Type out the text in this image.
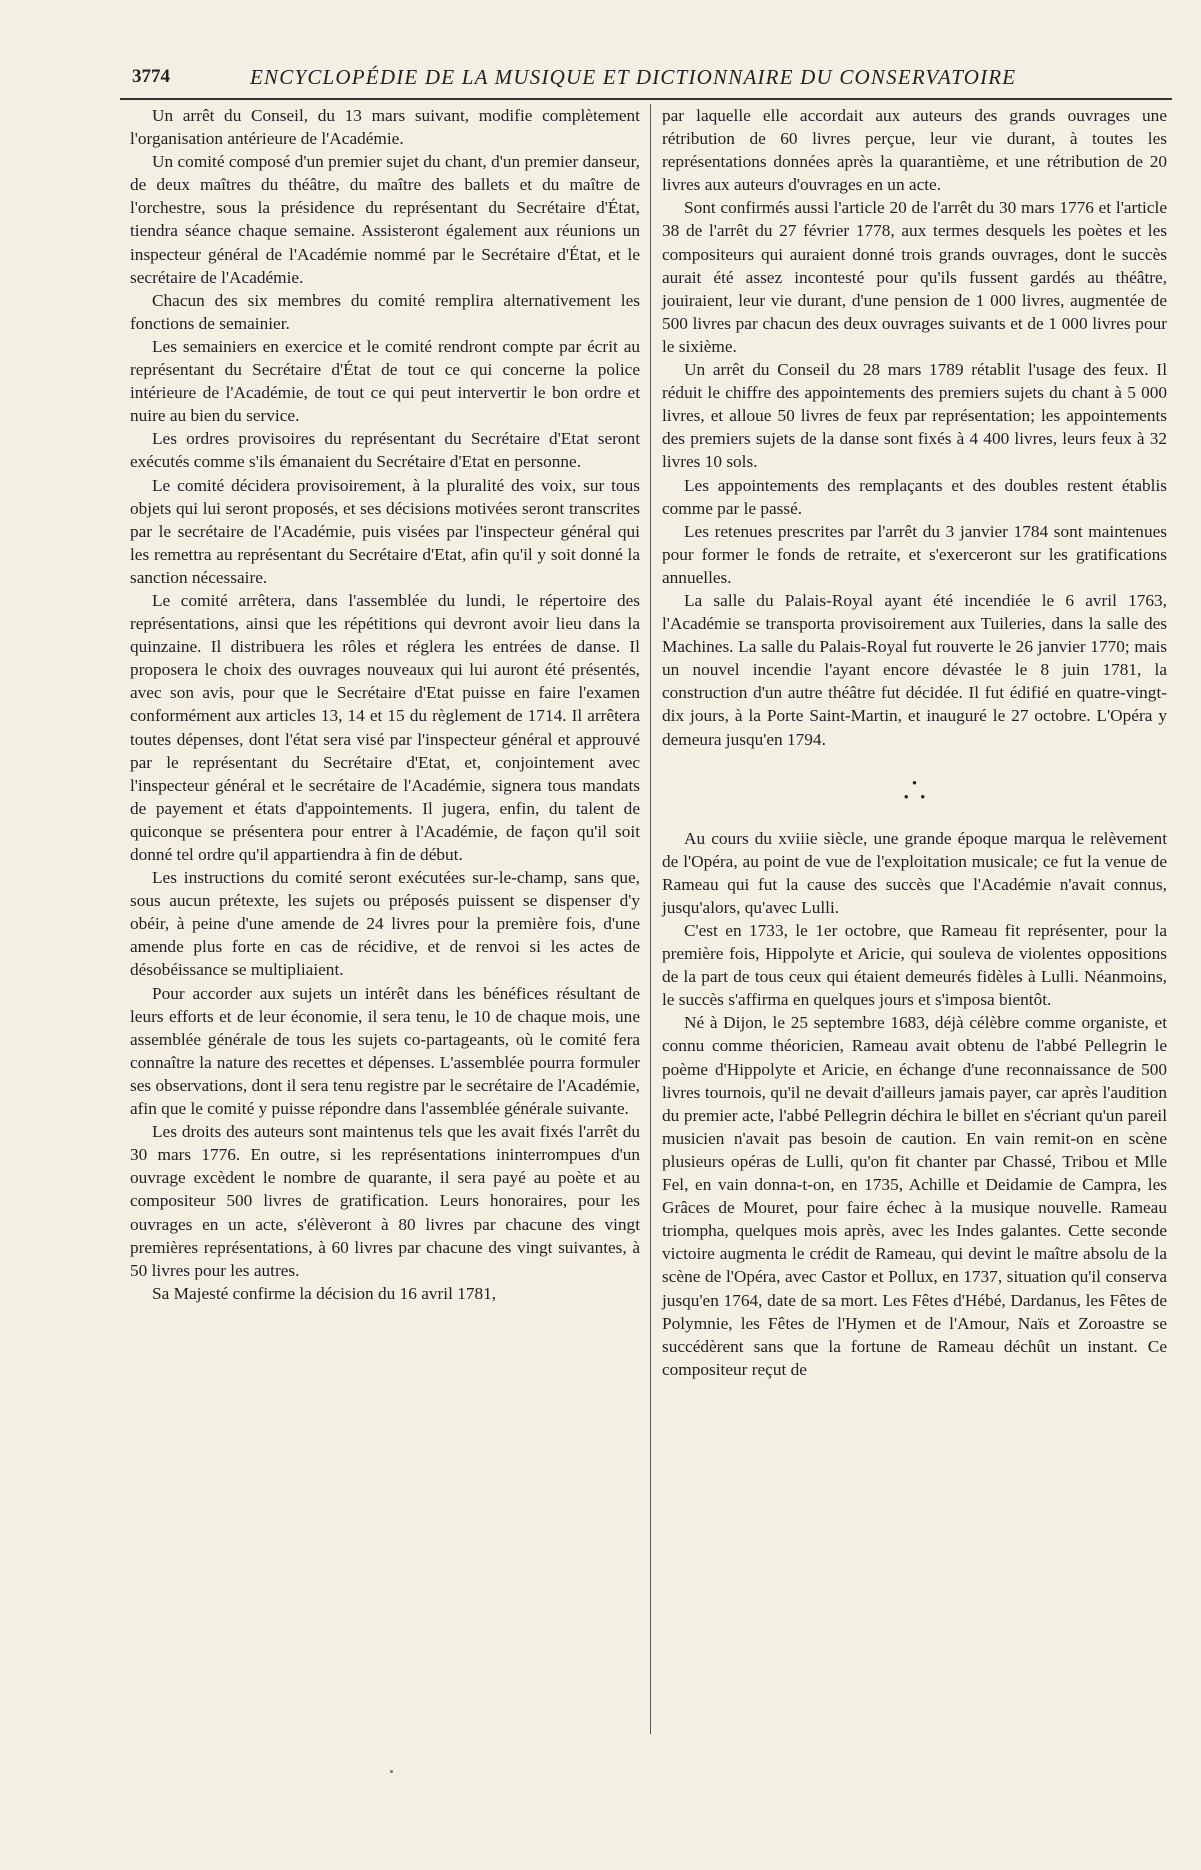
3774	ENCYCLOPÉDIE DE LA MUSIQUE ET DICTIONNAIRE DU CONSERVATOIRE

Un arrêt du Conseil, du 13 mars suivant, modifie complètement l'organisation antérieure de l'Académie.

Un comité composé d'un premier sujet du chant, d'un premier danseur, de deux maîtres du théâtre, du maître des ballets et du maître de l'orchestre, sous la présidence du représentant du Secrétaire d'État, tiendra séance chaque semaine. Assisteront également aux réunions un inspecteur général de l'Académie nommé par le Secrétaire d'État, et le secrétaire de l'Académie.

Chacun des six membres du comité remplira alternativement les fonctions de semainier.

Les semainiers en exercice et le comité rendront compte par écrit au représentant du Secrétaire d'État de tout ce qui concerne la police intérieure de l'Académie, de tout ce qui peut intervertir le bon ordre et nuire au bien du service.

Les ordres provisoires du représentant du Secrétaire d'Etat seront exécutés comme s'ils émanaient du Secrétaire d'Etat en personne.

Le comité décidera provisoirement, à la pluralité des voix, sur tous objets qui lui seront proposés, et ses décisions motivées seront transcrites par le secrétaire de l'Académie, puis visées par l'inspecteur général qui les remettra au représentant du Secrétaire d'Etat, afin qu'il y soit donné la sanction nécessaire.

Le comité arrêtera, dans l'assemblée du lundi, le répertoire des représentations, ainsi que les répétitions qui devront avoir lieu dans la quinzaine. Il distribuera les rôles et réglera les entrées de danse. Il proposera le choix des ouvrages nouveaux qui lui auront été présentés, avec son avis, pour que le Secrétaire d'Etat puisse en faire l'examen conformément aux articles 13, 14 et 15 du règlement de 1714. Il arrêtera toutes dépenses, dont l'état sera visé par l'inspecteur général et approuvé par le représentant du Secrétaire d'Etat, et, conjointement avec l'inspecteur général et le secrétaire de l'Académie, signera tous mandats de payement et états d'appointements. Il jugera, enfin, du talent de quiconque se présentera pour entrer à l'Académie, de façon qu'il soit donné tel ordre qu'il appartiendra à fin de début.

Les instructions du comité seront exécutées sur-le-champ, sans que, sous aucun prétexte, les sujets ou préposés puissent se dispenser d'y obéir, à peine d'une amende de 24 livres pour la première fois, d'une amende plus forte en cas de récidive, et de renvoi si les actes de désobéissance se multipliaient.

Pour accorder aux sujets un intérêt dans les bénéfices résultant de leurs efforts et de leur économie, il sera tenu, le 10 de chaque mois, une assemblée générale de tous les sujets co-partageants, où le comité fera connaître la nature des recettes et dépenses. L'assemblée pourra formuler ses observations, dont il sera tenu registre par le secrétaire de l'Académie, afin que le comité y puisse répondre dans l'assemblée générale suivante.

Les droits des auteurs sont maintenus tels que les avait fixés l'arrêt du 30 mars 1776. En outre, si les représentations ininterrompues d'un ouvrage excèdent le nombre de quarante, il sera payé au poète et au compositeur 500 livres de gratification. Leurs honoraires, pour les ouvrages en un acte, s'élèveront à 80 livres par chacune des vingt premières représentations, à 60 livres par chacune des vingt suivantes, à 50 livres pour les autres.

Sa Majesté confirme la décision du 16 avril 1781,

par laquelle elle accordait aux auteurs des grands ouvrages une rétribution de 60 livres perçue, leur vie durant, à toutes les représentations données après la quarantième, et une rétribution de 20 livres aux auteurs d'ouvrages en un acte.

Sont confirmés aussi l'article 20 de l'arrêt du 30 mars 1776 et l'article 38 de l'arrêt du 27 février 1778, aux termes desquels les poètes et les compositeurs qui auraient donné trois grands ouvrages, dont le succès aurait été assez incontesté pour qu'ils fussent gardés au théâtre, jouiraient, leur vie durant, d'une pension de 1 000 livres, augmentée de 500 livres par chacun des deux ouvrages suivants et de 1 000 livres pour le sixième.

Un arrêt du Conseil du 28 mars 1789 rétablit l'usage des feux. Il réduit le chiffre des appointements des premiers sujets du chant à 5 000 livres, et alloue 50 livres de feux par représentation; les appointements des premiers sujets de la danse sont fixés à 4 400 livres, leurs feux à 32 livres 10 sols.

Les appointements des remplaçants et des doubles restent établis comme par le passé.

Les retenues prescrites par l'arrêt du 3 janvier 1784 sont maintenues pour former le fonds de retraite, et s'exerceront sur les gratifications annuelles.

La salle du Palais-Royal ayant été incendiée le 6 avril 1763, l'Académie se transporta provisoirement aux Tuileries, dans la salle des Machines. La salle du Palais-Royal fut rouverte le 26 janvier 1770; mais un nouvel incendie l'ayant encore dévastée le 8 juin 1781, la construction d'un autre théâtre fut décidée. Il fut édifié en quatre-vingt-dix jours, à la Porte Saint-Martin, et inauguré le 27 octobre. L'Opéra y demeura jusqu'en 1794.

•
•   •

Au cours du xviiie siècle, une grande époque marqua le relèvement de l'Opéra, au point de vue de l'exploitation musicale; ce fut la venue de Rameau qui fut la cause des succès que l'Académie n'avait connus, jusqu'alors, qu'avec Lulli.

C'est en 1733, le 1er octobre, que Rameau fit représenter, pour la première fois, Hippolyte et Aricie, qui souleva de violentes oppositions de la part de tous ceux qui étaient demeurés fidèles à Lulli. Néanmoins, le succès s'affirma en quelques jours et s'imposa bientôt.

Né à Dijon, le 25 septembre 1683, déjà célèbre comme organiste, et connu comme théoricien, Rameau avait obtenu de l'abbé Pellegrin le poème d'Hippolyte et Aricie, en échange d'une reconnaissance de 500 livres tournois, qu'il ne devait d'ailleurs jamais payer, car après l'audition du premier acte, l'abbé Pellegrin déchira le billet en s'écriant qu'un pareil musicien n'avait pas besoin de caution. En vain remit-on en scène plusieurs opéras de Lulli, qu'on fit chanter par Chassé, Tribou et Mlle Fel, en vain donna-t-on, en 1735, Achille et Deidamie de Campra, les Grâces de Mouret, pour faire échec à la musique nouvelle. Rameau triompha, quelques mois après, avec les Indes galantes. Cette seconde victoire augmenta le crédit de Rameau, qui devint le maître absolu de la scène de l'Opéra, avec Castor et Pollux, en 1737, situation qu'il conserva jusqu'en 1764, date de sa mort. Les Fêtes d'Hébé, Dardanus, les Fêtes de Polymnie, les Fêtes de l'Hymen et de l'Amour, Naïs et Zoroastre se succédèrent sans que la fortune de Rameau déchût un instant. Ce compositeur reçut de
